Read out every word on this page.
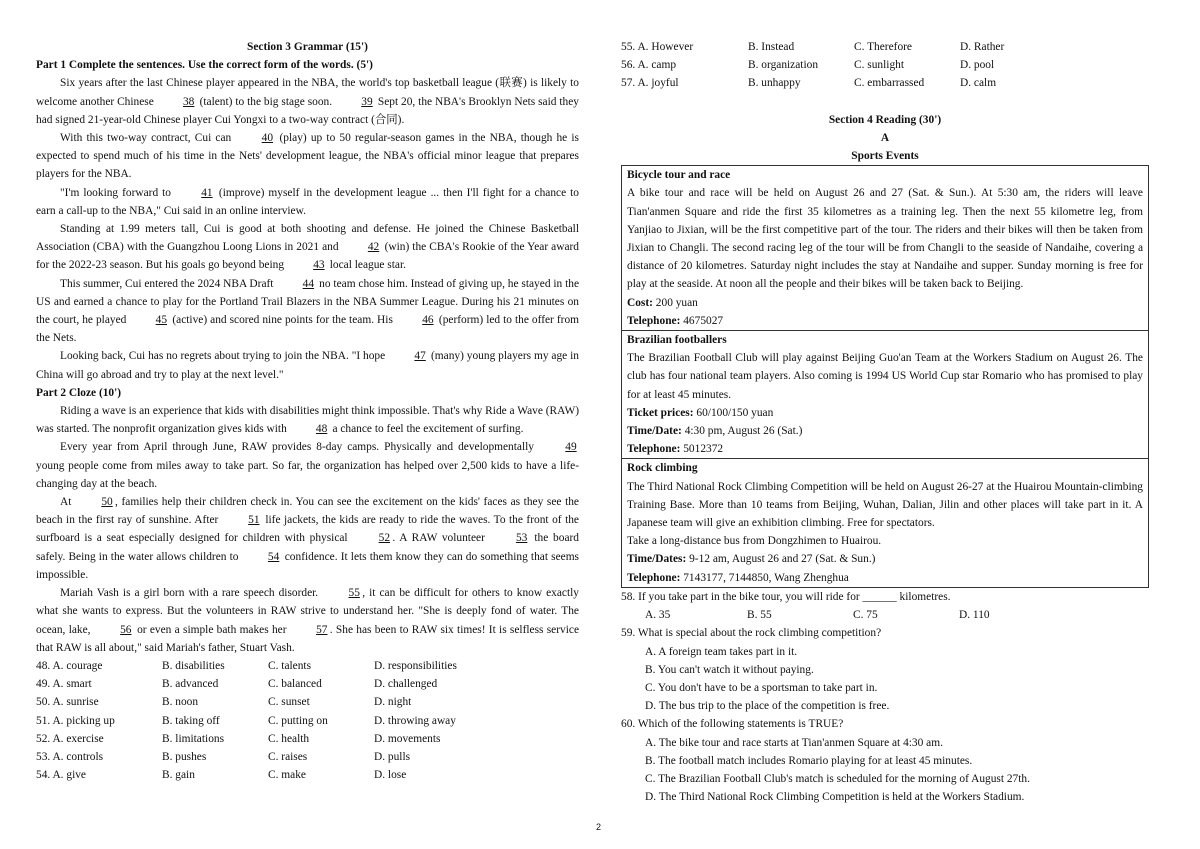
Section 3 Grammar (15')
Part 1 Complete the sentences. Use the correct form of the words. (5')

Six years after the last Chinese player appeared in the NBA, the world's top basketball league (联赛) is likely to welcome another Chinese 38 (talent) to the big stage soon. 39 Sept 20, the NBA's Brooklyn Nets said they had signed 21-year-old Chinese player Cui Yongxi to a two-way contract (合同).

With this two-way contract, Cui can 40 (play) up to 50 regular-season games in the NBA, though he is expected to spend much of his time in the Nets' development league, the NBA's official minor league that prepares players for the NBA.

"I'm looking forward to 41 (improve) myself in the development league ... then I'll fight for a chance to earn a call-up to the NBA," Cui said in an online interview.

Standing at 1.99 meters tall, Cui is good at both shooting and defense. He joined the Chinese Basketball Association (CBA) with the Guangzhou Loong Lions in 2021 and 42 (win) the CBA's Rookie of the Year award for the 2022-23 season. But his goals go beyond being 43 local league star.

This summer, Cui entered the 2024 NBA Draft 44 no team chose him. Instead of giving up, he stayed in the US and earned a chance to play for the Portland Trail Blazers in the NBA Summer League. During his 21 minutes on the court, he played 45 (active) and scored nine points for the team. His 46 (perform) led to the offer from the Nets.

Looking back, Cui has no regrets about trying to join the NBA. "I hope 47 (many) young players my age in China will go abroad and try to play at the next level."

Part 2 Cloze (10')

Riding a wave is an experience that kids with disabilities might think impossible. That's why Ride a Wave (RAW) was started. The nonprofit organization gives kids with 48 a chance to feel the excitement of surfing.

Every year from April through June, RAW provides 8-day camps. Physically and developmentally 49 young people come from miles away to take part. So far, the organization has helped over 2,500 kids to have a life-changing day at the beach.

At 50 , families help their children check in. You can see the excitement on the kids' faces as they see the beach in the first ray of sunshine. After 51 life jackets, the kids are ready to ride the waves. To the front of the surfboard is a seat especially designed for children with physical 52 . A RAW volunteer 53 the board safely. Being in the water allows children to 54 confidence. It lets them know they can do something that seems impossible.

Mariah Vash is a girl born with a rare speech disorder. 55 , it can be difficult for others to know exactly what she wants to express. But the volunteers in RAW strive to understand her. "She is deeply fond of water. The ocean, lake, 56 or even a simple bath makes her 57 . She has been to RAW six times! It is selfless service that RAW is all about," said Mariah's father, Stuart Vash.

48. A. courage	B. disabilities	C. talents	D. responsibilities
49. A. smart	B. advanced	C. balanced	D. challenged
50. A. sunrise	B. noon	C. sunset	D. night
51. A. picking up	B. taking off	C. putting on	D. throwing away
52. A. exercise	B. limitations	C. health	D. movements
53. A. controls	B. pushes	C. raises	D. pulls
54. A. give	B. gain	C. make	D. lose
55. A. However	B. Instead	C. Therefore	D. Rather
56. A. camp	B. organization	C. sunlight	D. pool
57. A. joyful	B. unhappy	C. embarrassed	D. calm
Section 4 Reading (30')
A
Sports Events
Bicycle tour and race
A bike tour and race will be held on August 26 and 27 (Sat. & Sun.). At 5:30 am, the riders will leave Tian'anmen Square and ride the first 35 kilometres as a training leg. Then the next 55 kilometre leg, from Yanjiao to Jixian, will be the first competitive part of the tour. The riders and their bikes will then be taken from Jixian to Changli. The second racing leg of the tour will be from Changli to the seaside of Nandaihe, covering a distance of 20 kilometres. Saturday night includes the stay at Nandaihe and supper. Sunday morning is free for play at the seaside. At noon all the people and their bikes will be taken back to Beijing.
Cost: 200 yuan
Telephone: 4675027
Brazilian footballers
The Brazilian Football Club will play against Beijing Guo'an Team at the Workers Stadium on August 26. The club has four national team players. Also coming is 1994 US World Cup star Romario who has promised to play for at least 45 minutes.
Ticket prices: 60/100/150 yuan
Time/Date: 4:30 pm, August 26 (Sat.)
Telephone: 5012372
Rock climbing
The Third National Rock Climbing Competition will be held on August 26-27 at the Huairou Mountain-climbing Training Base. More than 10 teams from Beijing, Wuhan, Dalian, Jilin and other places will take part in it. A Japanese team will give an exhibition climbing. Free for spectators.
Take a long-distance bus from Dongzhimen to Huairou.
Time/Dates: 9-12 am, August 26 and 27 (Sat. & Sun.)
Telephone: 7143177, 7144850, Wang Zhenghua
58. If you take part in the bike tour, you will ride for ______ kilometres.
A. 35	B. 55	C. 75	D. 110
59. What is special about the rock climbing competition?
A. A foreign team takes part in it.
B. You can't watch it without paying.
C. You don't have to be a sportsman to take part in.
D. The bus trip to the place of the competition is free.
60. Which of the following statements is TRUE?
A. The bike tour and race starts at Tian'anmen Square at 4:30 am.
B. The football match includes Romario playing for at least 45 minutes.
C. The Brazilian Football Club's match is scheduled for the morning of August 27th.
D. The Third National Rock Climbing Competition is held at the Workers Stadium.
2
